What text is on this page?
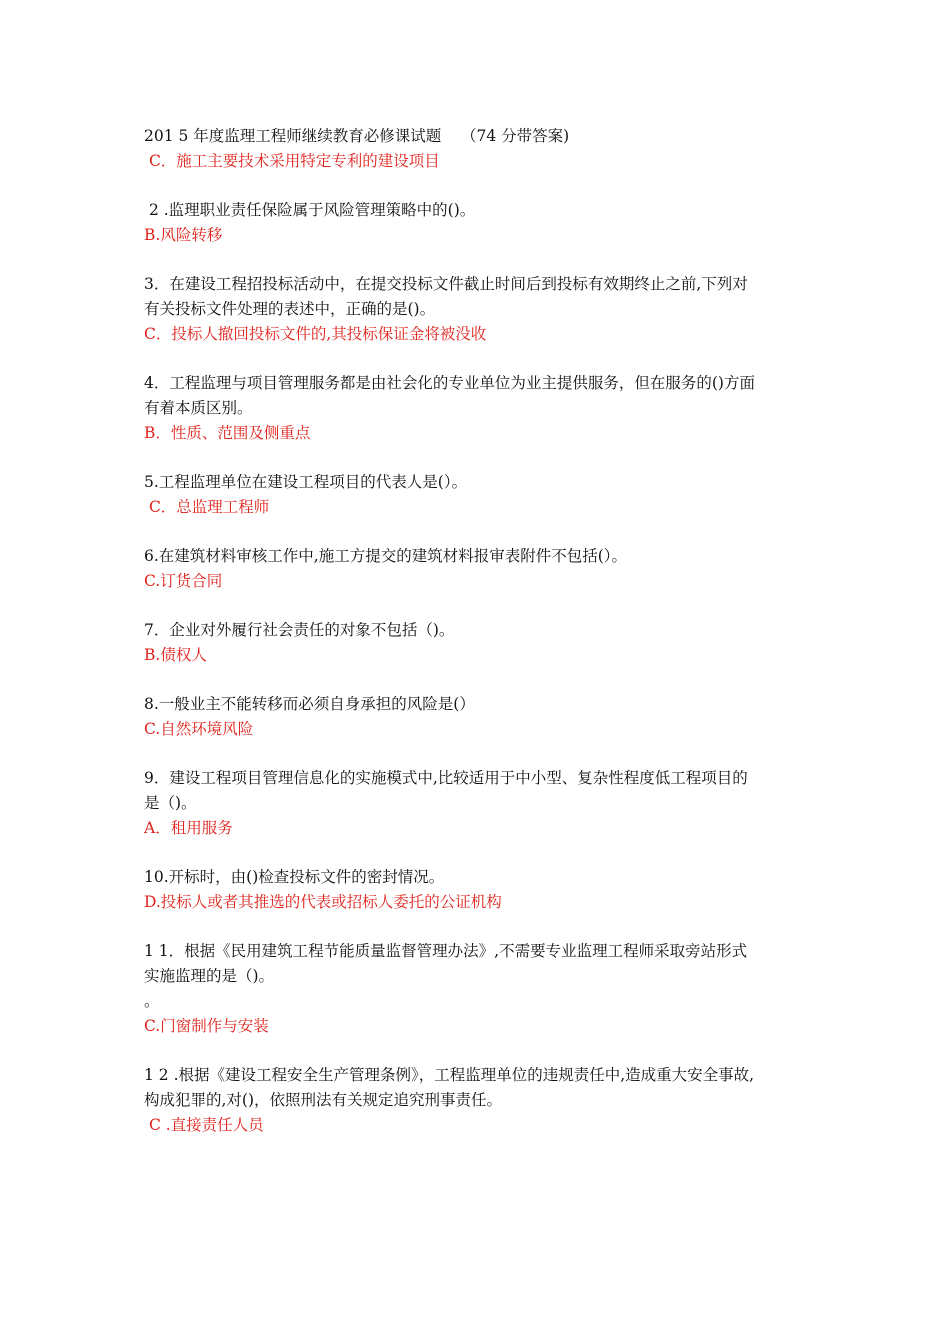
201 5 年度监理工程师继续教育必修课试题    （74 分带答案)
C．施工主要技术采用特定专利的建设项目
2 .监理职业责任保险属于风险管理策略中的()。
B.风险转移
3．在建设工程招投标活动中，在提交投标文件截止时间后到投标有效期终止之前,下列对
有关投标文件处理的表述中，正确的是()。
C．投标人撤回投标文件的,其投标保证金将被没收
4．工程监理与项目管理服务都是由社会化的专业单位为业主提供服务，但在服务的()方面
有着本质区别。
B．性质、范围及侧重点
5.工程监理单位在建设工程项目的代表人是(）。
C．总监理工程师
6.在建筑材料审核工作中,施工方提交的建筑材料报审表附件不包括(）。
C.订货合同
7．企业对外履行社会责任的对象不包括（)。
B.债权人
8.一般业主不能转移而必须自身承担的风险是(）
C.自然环境风险
9．建设工程项目管理信息化的实施模式中,比较适用于中小型、复杂性程度低工程项目的
是（)。
A．租用服务
10.开标时，由()检查投标文件的密封情况。
D.投标人或者其推选的代表或招标人委托的公证机构
1 1．根据《民用建筑工程节能质量监督管理办法》,不需要专业监理工程师采取旁站形式
实施监理的是（)。
。
C.门窗制作与安装
1 2 .根据《建设工程安全生产管理条例》，工程监理单位的违规责任中,造成重大安全事故,
构成犯罪的,对()，依照刑法有关规定追究刑事责任。
C .直接责任人员
